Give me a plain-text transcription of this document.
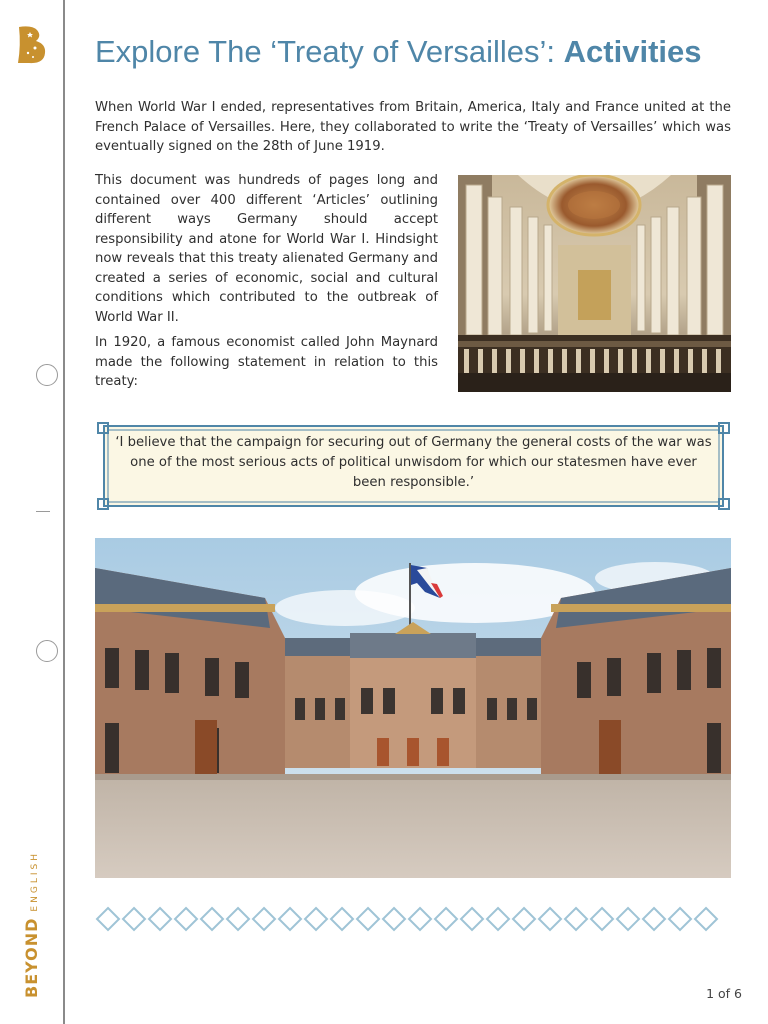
BEYONDENGLISH
Explore The ‘Treaty of Versailles’: Activities

When World War I ended, representatives from Britain, America, Italy and France united at the French Palace of Versailles. Here, they collaborated to write the ‘Treaty of Versailles’ which was eventually signed on the 28th of June 1919.

This document was hundreds of pages long and contained over 400 different ‘Articles’ outlining different ways Germany should accept responsibility and atone for World War I. Hindsight now reveals that this treaty alienated Germany and created a series of economic, social and cultural conditions which contributed to the outbreak of World War II.

In 1920, a famous economist called John Maynard made the following statement in relation to this treaty:

‘I believe that the campaign for securing out of Germany the general costs of the war was one of the most serious acts of political unwisdom for which our statesmen have ever been responsible.’

1 of 6
